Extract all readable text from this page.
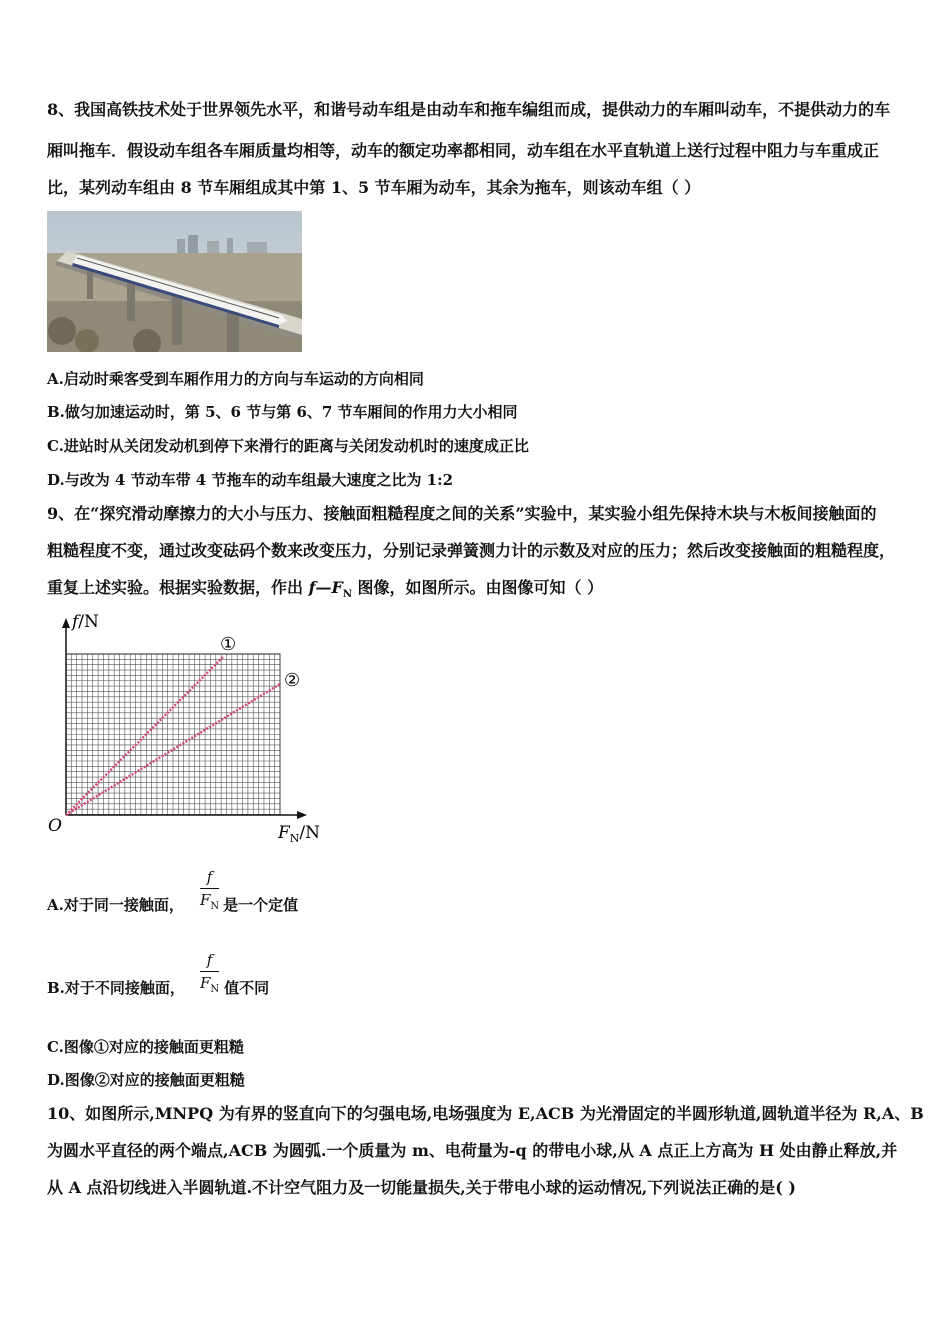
8、我国高铁技术处于世界领先水平，和谐号动车组是由动车和拖车编组而成，提供动力的车厢叫动车，不提供动力的车
厢叫拖车．假设动车组各车厢质量均相等，动车的额定功率都相同，动车组在水平直轨道上送行过程中阻力与车重成正
比，某列动车组由 8 节车厢组成其中第 1、5 节车厢为动车，其余为拖车，则该动车组（ ）
A.启动时乘客受到车厢作用力的方向与车运动的方向相同
B.做匀加速运动时，第 5、6 节与第 6、7 节车厢间的作用力大小相同
C.进站时从关闭发动机到停下来滑行的距离与关闭发动机时的速度成正比
D.与改为 4 节动车带 4 节拖车的动车组最大速度之比为 1:2
9、在“探究滑动摩擦力的大小与压力、接触面粗糙程度之间的关系”实验中，某实验小组先保持木块与木板间接触面的
粗糙程度不变，通过改变砝码个数来改变压力，分别记录弹簧测力计的示数及对应的压力；然后改变接触面的粗糙程度，
重复上述实验。根据实验数据，作出 $f—F_N$ 图像，如图所示。由图像可知（ ）
f/N
O	$F_N/N$
①
②
A.对于同一接触面， 是一个定值
f
$F_N$
B.对于不同接触面， 值不同
f
$F_N$
C.图像①对应的接触面更粗糙
D.图像②对应的接触面更粗糙
10、如图所示,MNPQ 为有界的竖直向下的匀强电场,电场强度为 E,ACB 为光滑固定的半圆形轨道,圆轨道半径为 R,A、B
为圆水平直径的两个端点,ACB 为圆弧.一个质量为 m、电荷量为-q 的带电小球,从 A 点正上方高为 H 处由静止释放,并
从 A 点沿切线进入半圆轨道.不计空气阻力及一切能量损失,关于带电小球的运动情况,下列说法正确的是( )
